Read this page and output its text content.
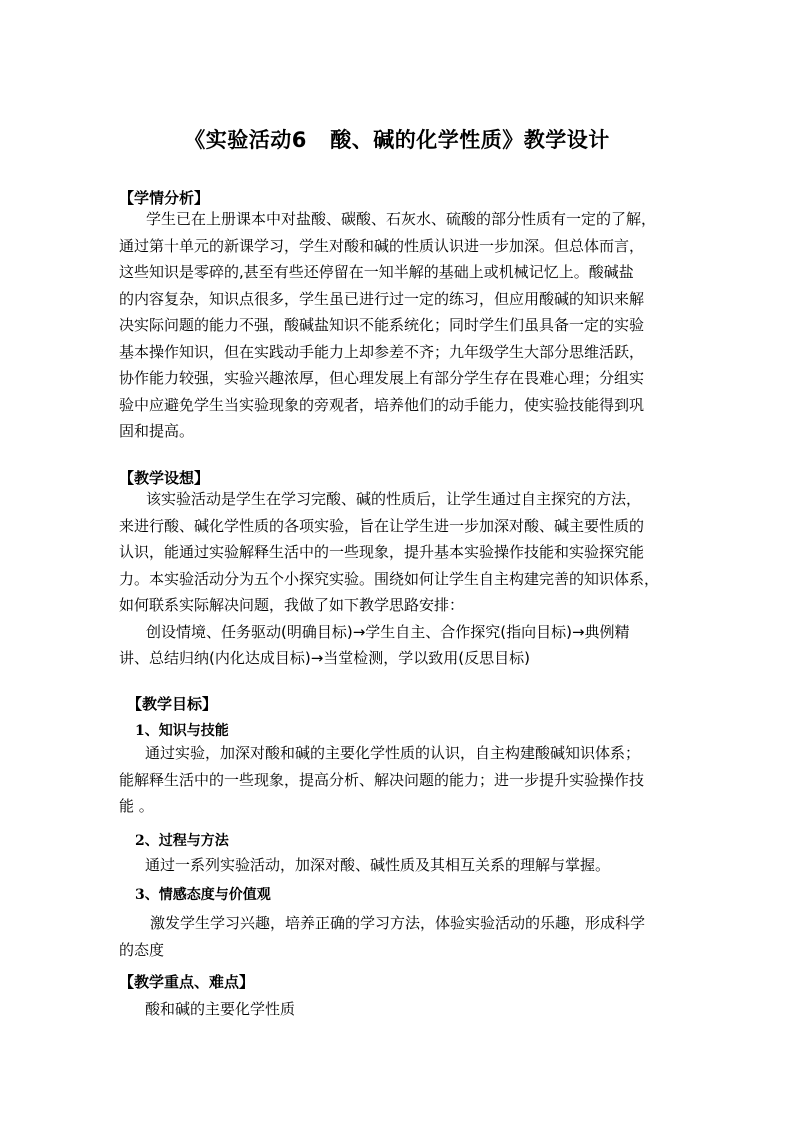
《实验活动6   酸、碱的化学性质》教学设计
【学情分析】
学生已在上册课本中对盐酸、碳酸、石灰水、硫酸的部分性质有一定的了解，
通过第十单元的新课学习，学生对酸和碱的性质认识进一步加深。但总体而言，
这些知识是零碎的,甚至有些还停留在一知半解的基础上或机械记忆上。酸碱盐
的内容复杂，知识点很多，学生虽已进行过一定的练习，但应用酸碱的知识来解
决实际问题的能力不强，酸碱盐知识不能系统化；同时学生们虽具备一定的实验
基本操作知识，但在实践动手能力上却参差不齐；九年级学生大部分思维活跃，
协作能力较强，实验兴趣浓厚，但心理发展上有部分学生存在畏难心理；分组实
验中应避免学生当实验现象的旁观者，培养他们的动手能力，使实验技能得到巩
固和提高。
【教学设想】
该实验活动是学生在学习完酸、碱的性质后，让学生通过自主探究的方法，
来进行酸、碱化学性质的各项实验，旨在让学生进一步加深对酸、碱主要性质的
认识，能通过实验解释生活中的一些现象，提升基本实验操作技能和实验探究能
力。本实验活动分为五个小探究实验。围绕如何让学生自主构建完善的知识体系，
如何联系实际解决问题，我做了如下教学思路安排：
创设情境、任务驱动(明确目标)→学生自主、合作探究(指向目标)→典例精
讲、总结归纳(内化达成目标)→当堂检测，学以致用(反思目标)
【教学目标】
1、知识与技能
通过实验，加深对酸和碱的主要化学性质的认识，自主构建酸碱知识体系；
能解释生活中的一些现象，提高分析、解决问题的能力；进一步提升实验操作技
能 。
2、过程与方法
通过一系列实验活动，加深对酸、碱性质及其相互关系的理解与掌握。
3、情感态度与价值观
激发学生学习兴趣，培养正确的学习方法，体验实验活动的乐趣，形成科学
的态度
【教学重点、难点】
酸和碱的主要化学性质
